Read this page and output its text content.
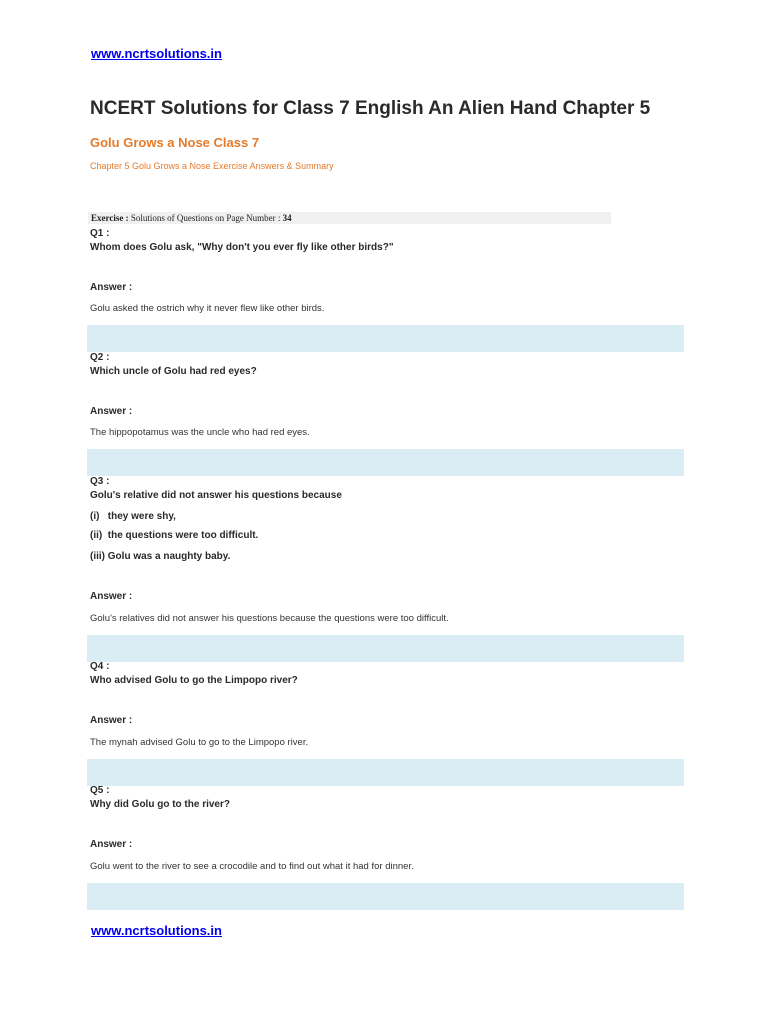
www.ncrtsolutions.in
NCERT Solutions for Class 7 English An Alien Hand Chapter 5
Golu Grows a Nose Class 7
Chapter 5 Golu Grows a Nose Exercise Answers & Summary
Exercise : Solutions of Questions on Page Number : 34
Q1 :
Whom does Golu ask, "Why don't you ever fly like other birds?"
Answer :
Golu asked the ostrich why it never flew like other birds.
Q2 :
Which uncle of Golu had red eyes?
Answer :
The hippopotamus was the uncle who had red eyes.
Q3 :
Golu's relative did not answer his questions because
(i)   they were shy,
(ii)  the questions were too difficult.
(iii) Golu was a naughty baby.
Answer :
Golu's relatives did not answer his questions because the questions were too difficult.
Q4 :
Who advised Golu to go the Limpopo river?
Answer :
The mynah advised Golu to go to the Limpopo river.
Q5 :
Why did Golu go to the river?
Answer :
Golu went to the river to see a crocodile and to find out what it had for dinner.
www.ncrtsolutions.in
